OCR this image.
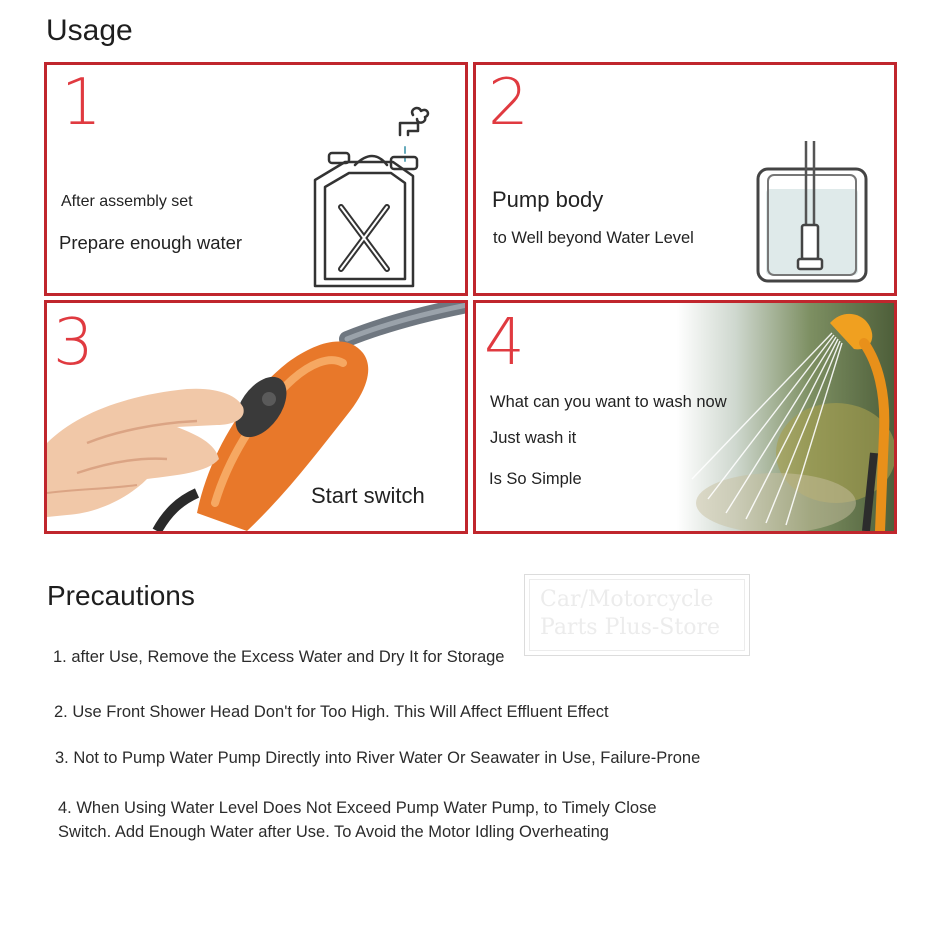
Usage
1
After assembly set
Prepare enough water
2
Pump body
to Well beyond Water Level
3
Start switch
4
What can you want to wash now
Just wash it
Is So Simple
Precautions	Car/Motorcycle
Parts Plus-Store
1. after Use, Remove the Excess Water and Dry It for Storage
2. Use Front Shower Head Don't for Too High. This Will Affect Effluent Effect
3. Not to Pump Water Pump Directly into River Water Or Seawater in Use, Failure-Prone
4. When Using Water Level Does Not Exceed Pump Water Pump, to Timely Close
Switch. Add Enough Water after Use. To Avoid the Motor Idling Overheating
